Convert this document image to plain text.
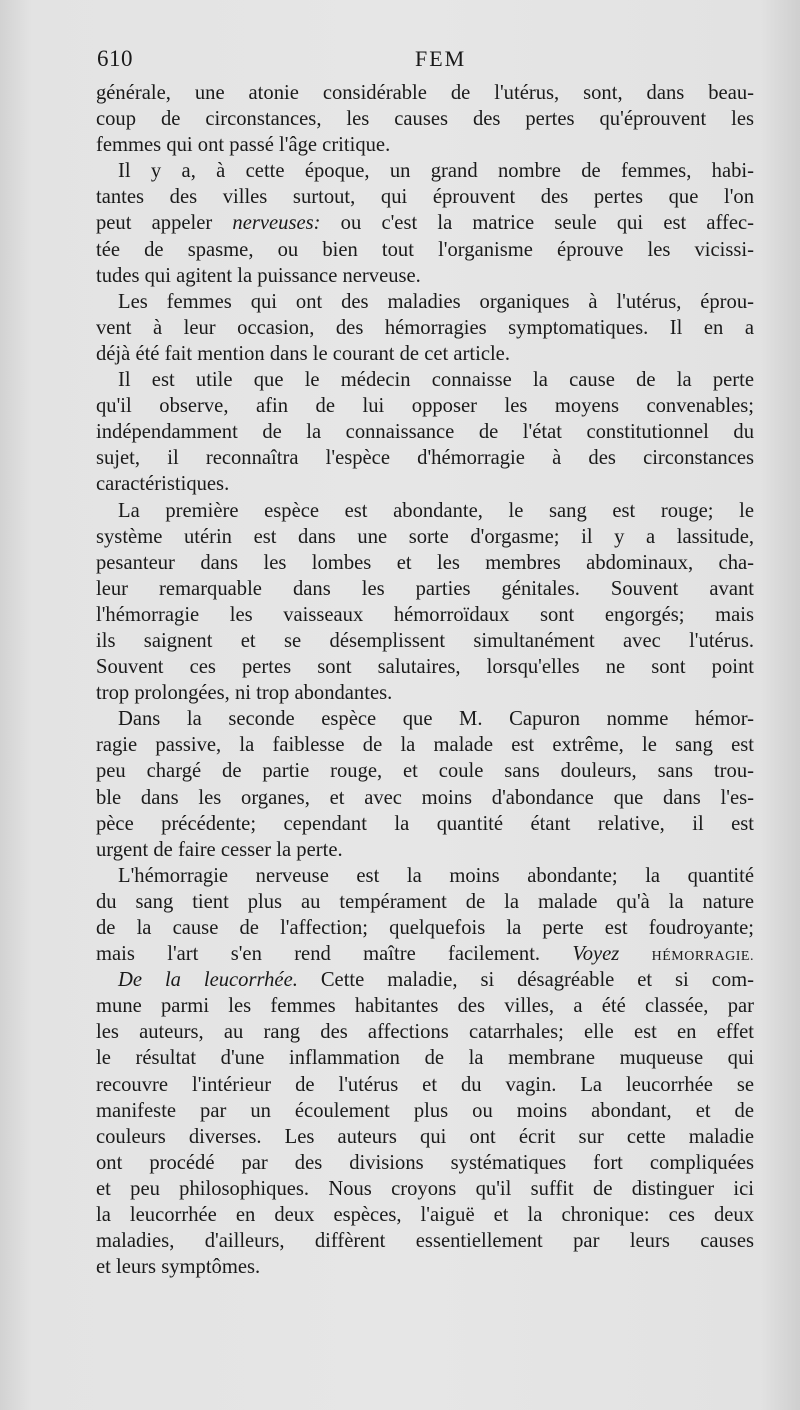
610	FEM
générale, une atonie considérable de l'utérus, sont, dans beau-
coup de circonstances, les causes des pertes qu'éprouvent les
femmes qui ont passé l'âge critique.
Il y a, à cette époque, un grand nombre de femmes, habi-
tantes des villes surtout, qui éprouvent des pertes que l'on
peut appeler nerveuses: ou c'est la matrice seule qui est affec-
tée de spasme, ou bien tout l'organisme éprouve les vicissi-
tudes qui agitent la puissance nerveuse.
Les femmes qui ont des maladies organiques à l'utérus, éprou-
vent à leur occasion, des hémorragies symptomatiques. Il en a
déjà été fait mention dans le courant de cet article.
Il est utile que le médecin connaisse la cause de la perte
qu'il observe, afin de lui opposer les moyens convenables;
indépendamment de la connaissance de l'état constitutionnel du
sujet, il reconnaîtra l'espèce d'hémorragie à des circonstances
caractéristiques.
La première espèce est abondante, le sang est rouge; le
système utérin est dans une sorte d'orgasme; il y a lassitude,
pesanteur dans les lombes et les membres abdominaux, cha-
leur remarquable dans les parties génitales. Souvent avant
l'hémorragie les vaisseaux hémorroïdaux sont engorgés; mais
ils saignent et se désemplissent simultanément avec l'utérus.
Souvent ces pertes sont salutaires, lorsqu'elles ne sont point
trop prolongées, ni trop abondantes.
Dans la seconde espèce que M. Capuron nomme hémor-
ragie passive, la faiblesse de la malade est extrême, le sang est
peu chargé de partie rouge, et coule sans douleurs, sans trou-
ble dans les organes, et avec moins d'abondance que dans l'es-
pèce précédente; cependant la quantité étant relative, il est
urgent de faire cesser la perte.
L'hémorragie nerveuse est la moins abondante; la quantité
du sang tient plus au tempérament de la malade qu'à la nature
de la cause de l'affection; quelquefois la perte est foudroyante;
mais l'art s'en rend maître facilement. Voyez HÉMORRAGIE.
De la leucorrhée. Cette maladie, si désagréable et si com-
mune parmi les femmes habitantes des villes, a été classée, par
les auteurs, au rang des affections catarrhales; elle est en effet
le résultat d'une inflammation de la membrane muqueuse qui
recouvre l'intérieur de l'utérus et du vagin. La leucorrhée se
manifeste par un écoulement plus ou moins abondant, et de
couleurs diverses. Les auteurs qui ont écrit sur cette maladie
ont procédé par des divisions systématiques fort compliquées
et peu philosophiques. Nous croyons qu'il suffit de distinguer ici
la leucorrhée en deux espèces, l'aiguë et la chronique: ces deux
maladies, d'ailleurs, diffèrent essentiellement par leurs causes
et leurs symptômes.
